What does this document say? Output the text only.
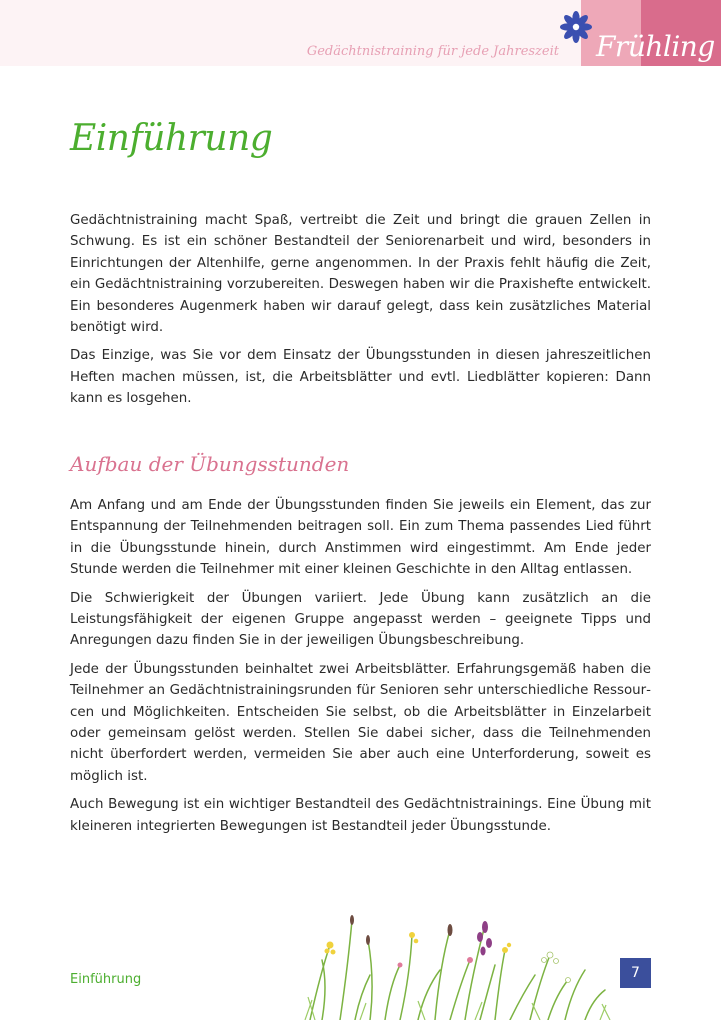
Gedächtnistraining für jede Jahreszeit Frühling
Einführung

Gedächtnistraining macht Spaß, vertreibt die Zeit und bringt die grauen Zellen in Schwung. Es ist ein schöner Bestandteil der Seniorenarbeit und wird, besonders in Einrichtungen der Altenhilfe, gerne angenommen. In der Praxis fehlt häufig die Zeit, ein Gedächtnistraining vorzubereiten. Deswegen haben wir die Praxishefte entwickelt. Ein besonderes Augenmerk haben wir darauf gelegt, dass kein zusätzliches Material benötigt wird.

Das Einzige, was Sie vor dem Einsatz der Übungsstunden in diesen jahreszeitlichen Heften machen müssen, ist, die Arbeitsblätter und evtl. Liedblätter kopieren: Dann kann es losgehen.

Aufbau der Übungsstunden

Am Anfang und am Ende der Übungsstunden finden Sie jeweils ein Element, das zur Entspannung der Teilnehmenden beitragen soll. Ein zum Thema passendes Lied führt in die Übungsstunde hinein, durch Anstimmen wird eingestimmt. Am Ende jeder Stunde werden die Teilnehmer mit einer kleinen Geschichte in den Alltag entlassen.

Die Schwierigkeit der Übungen variiert. Jede Übung kann zusätzlich an die Leistungsfähigkeit der eigenen Gruppe angepasst werden – geeignete Tipps und Anregungen dazu finden Sie in der jeweiligen Übungsbeschreibung.

Jede der Übungsstunden beinhaltet zwei Arbeitsblätter. Erfahrungsgemäß haben die Teilnehmer an Gedächtnistrainingsrunden für Senioren sehr unterschiedliche Ressourcen und Möglichkeiten. Entscheiden Sie selbst, ob die Arbeitsblätter in Einzelarbeit oder gemeinsam gelöst werden. Stellen Sie dabei sicher, dass die Teilnehmenden nicht überfordert werden, vermeiden Sie aber auch eine Unterforderung, soweit es möglich ist.

Auch Bewegung ist ein wichtiger Bestandteil des Gedächtnistrainings. Eine Übung mit kleineren integrierten Bewegungen ist Bestandteil jeder Übungsstunde.

Einführung	7
